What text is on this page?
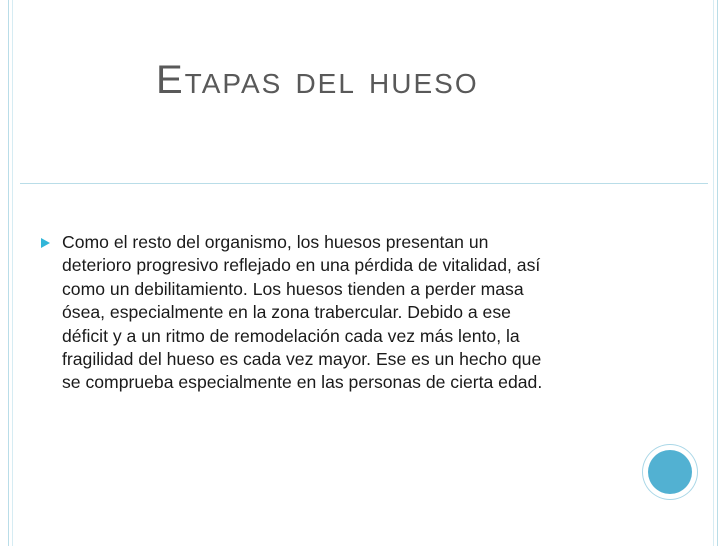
Etapas del hueso
Como el resto del organismo, los huesos presentan un
deterioro progresivo reflejado en una pérdida de vitalidad, así
como un debilitamiento. Los huesos tienden a perder masa
ósea, especialmente en la zona trabercular. Debido a ese
déficit y a un ritmo de remodelación cada vez más lento, la
fragilidad del hueso es cada vez mayor. Ese es un hecho que
se comprueba especialmente en las personas de cierta edad.
